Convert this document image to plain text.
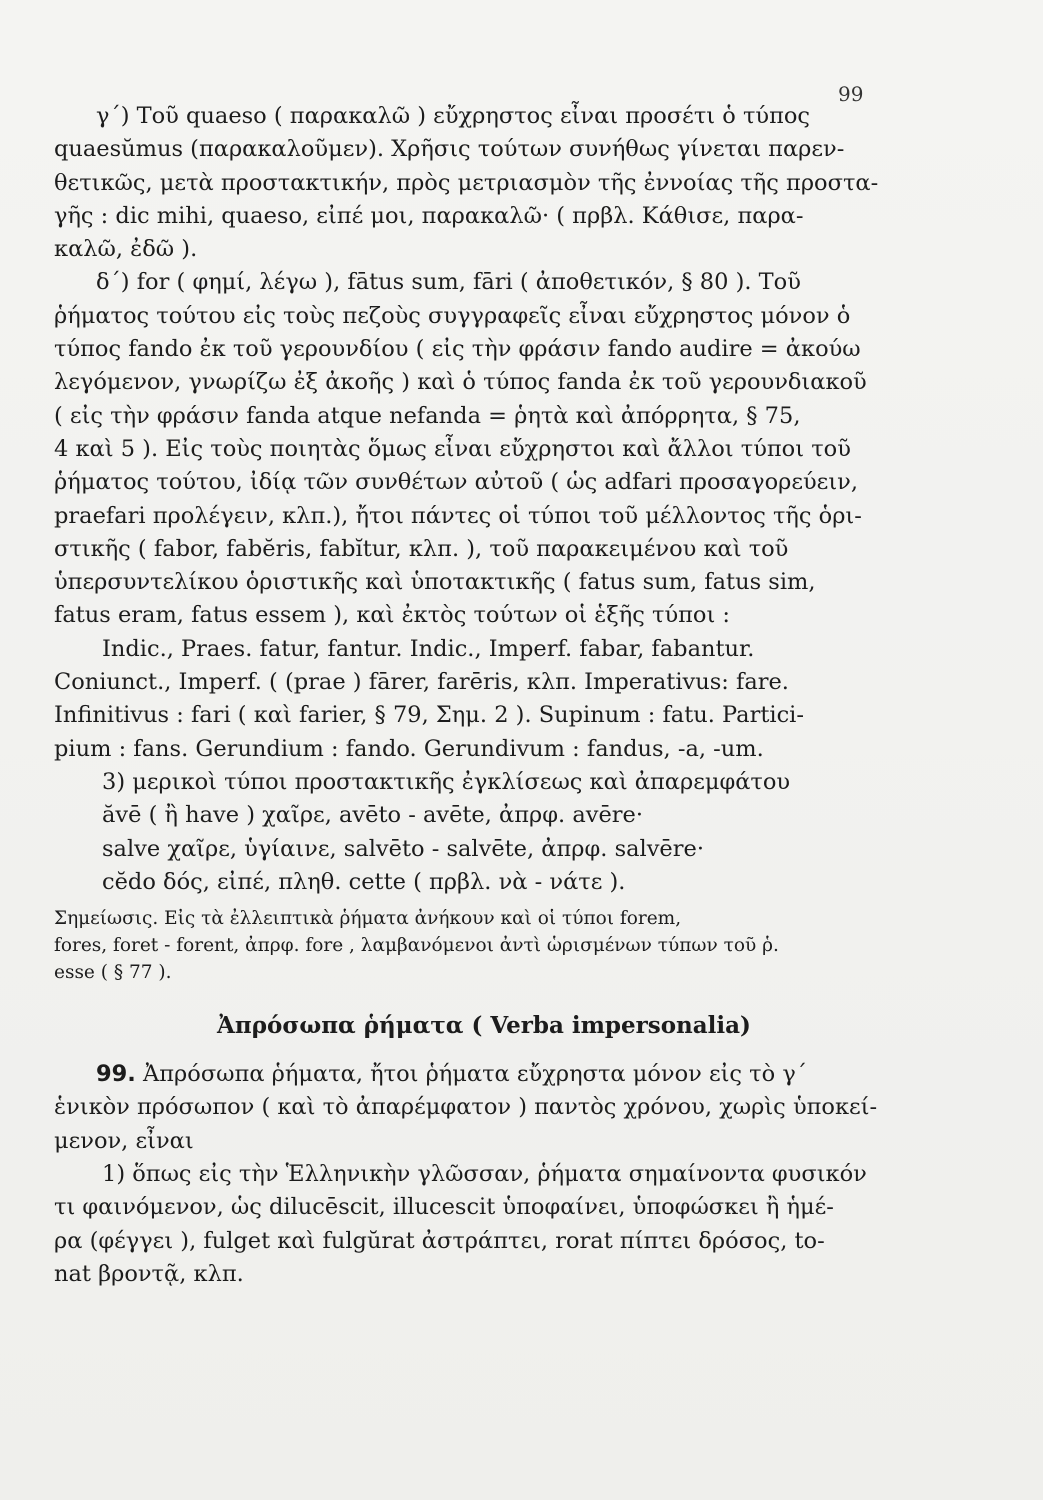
99
γ΄) Τοῦ quaeso ( παρακαλῶ ) εὔχρηστος εἶναι προσέτι ὁ τύπος
quaesŭmus (παρακαλοῦμεν). Χρῆσις τούτων συνήθως γίνεται παρεν-
θετικῶς, μετὰ προστακτικήν, πρὸς μετριασμὸν τῆς ἐννοίας τῆς προστα-
γῆς : dic mihi, quaeso, εἰπέ μοι, παρακαλῶ· ( πρβλ. Κάθισε, παρα-
καλῶ, ἐδῶ ).
δ΄) for ( φημί, λέγω ), fātus sum, fāri ( ἀποθετικόν, § 80 ). Τοῦ
ῥήματος τούτου εἰς τοὺς πεζοὺς συγγραφεῖς εἶναι εὔχρηστος μόνον ὁ
τύπος fando ἐκ τοῦ γερουνδίου ( εἰς τὴν φράσιν fando audire = ἀκούω
λεγόμενον, γνωρίζω ἐξ ἀκοῆς ) καὶ ὁ τύπος fanda ἐκ τοῦ γερουνδιακοῦ
( εἰς τὴν φράσιν fanda atque nefanda = ῥητὰ καὶ ἀπόρρητα, § 75,
4 καὶ 5 ). Εἰς τοὺς ποιητὰς ὅμως εἶναι εὔχρηστοι καὶ ἄλλοι τύποι τοῦ
ῥήματος τούτου, ἰδίᾳ τῶν συνθέτων αὐτοῦ ( ὡς adfari προσαγορεύειν,
praefari προλέγειν, κλπ.), ἤτοι πάντες οἱ τύποι τοῦ μέλλοντος τῆς ὁρι-
στικῆς ( fabor, fabĕris, fabĭtur, κλπ. ), τοῦ παρακειμένου καὶ τοῦ
ὑπερσυντελίκου ὁριστικῆς καὶ ὑποτακτικῆς ( fatus sum, fatus sim,
fatus eram, fatus essem ), καὶ ἐκτὸς τούτων οἱ ἑξῆς τύποι :
Indic., Praes. fatur, fantur. Indic., Imperf. fabar, fabantur.
Coniunct., Imperf. ( (prae ) fārer, farēris, κλπ. Imperativus: fare.
Infinitivus : fari ( καὶ farier, § 79, Σημ. 2 ). Supinum : fatu. Partici-
pium : fans. Gerundium : fando. Gerundivum : fandus, -a, -um.
3) μερικοὶ τύποι προστακτικῆς ἐγκλίσεως καὶ ἀπαρεμφάτου
ăvē ( ἢ have ) χαῖρε, avēto - avēte, ἀπρφ. avēre·
salve χαῖρε, ὑγίαινε, salvēto - salvēte, ἀπρφ. salvēre·
cĕdo δός, εἰπέ, πληθ. cette ( πρβλ. νὰ - νάτε ).
Σημείωσις. Εἰς τὰ ἐλλειπτικὰ ῥήματα ἀνήκουν καὶ οἱ τύποι forem,
fores, foret - forent, ἀπρφ. fore , λαμβανόμενοι ἀντὶ ὡρισμένων τύπων τοῦ ῥ.
esse ( § 77 ).
Ἀπρόσωπα ῥήματα ( Verba impersonalia)
99. Ἀπρόσωπα ῥήματα, ἤτοι ῥήματα εὔχρηστα μόνον εἰς τὸ γ΄
ἑνικὸν πρόσωπον ( καὶ τὸ ἀπαρέμφατον ) παντὸς χρόνου, χωρὶς ὑποκεί-
μενον, εἶναι
1) ὅπως εἰς τὴν Ἑλληνικὴν γλῶσσαν, ῥήματα σημαίνοντα φυσικόν
τι φαινόμενον, ὡς dilucēscit, illucescit ὑποφαίνει, ὑποφώσκει ἢ ἡμέ-
ρα (φέγγει ), fulget καὶ fulgŭrat ἀστράπτει, rorat πίπτει δρόσος, to-
nat βροντᾷ, κλπ.
